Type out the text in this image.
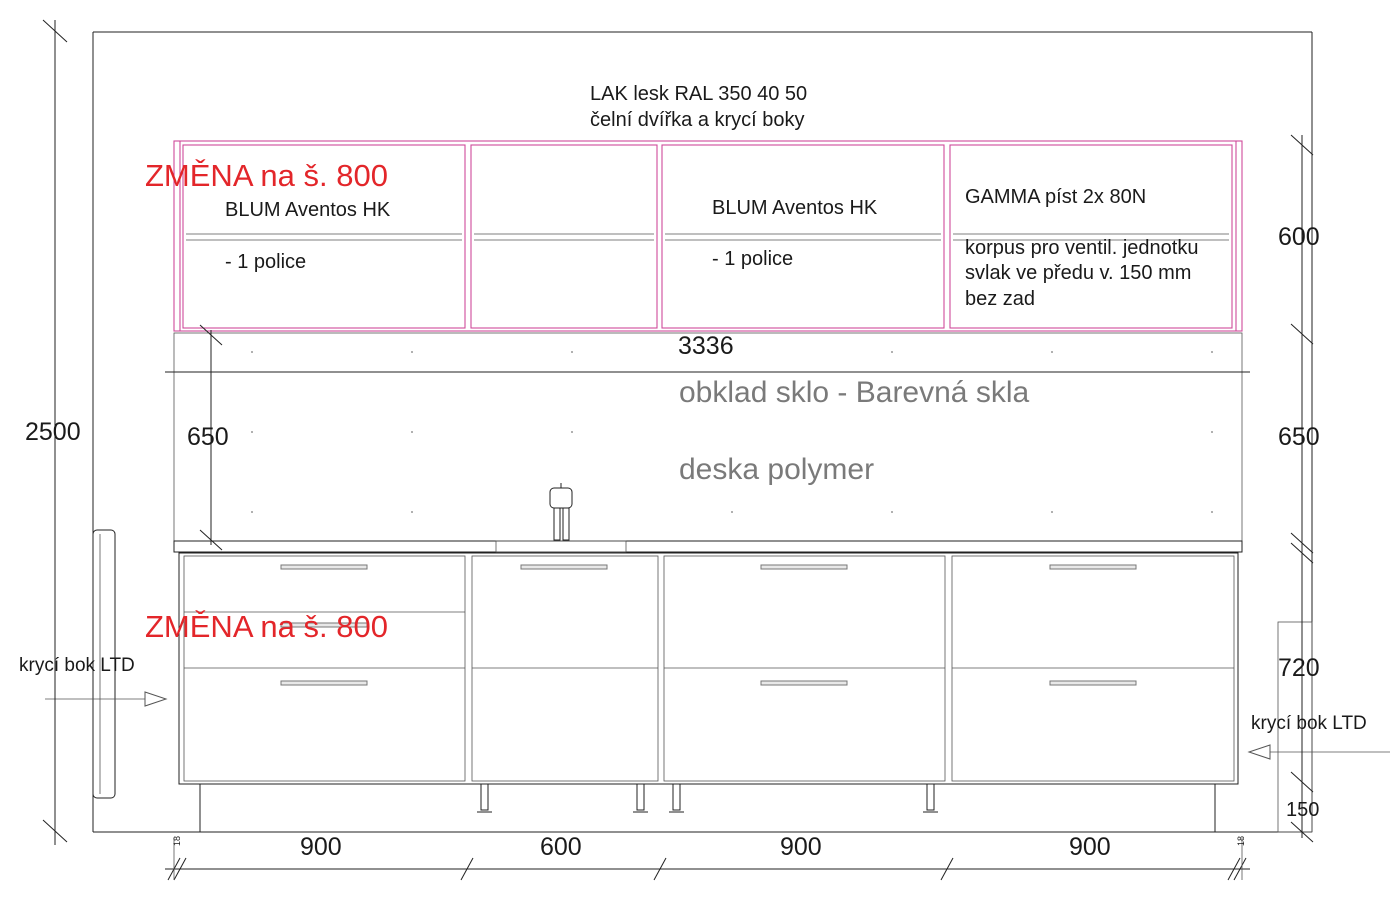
LAK lesk RAL 350 40 50
čelní dvířka a krycí boky
ZMĚNA na š. 800
ZMĚNA na š. 800
BLUM Aventos HK
- 1 police
BLUM Aventos HK
- 1 police
GAMMA píst 2x 80N
korpus pro ventil. jednotku
svlak ve předu v. 150 mm
bez zad
3336
obklad sklo - Barevná skla
deska polymer
2500	650
600
650
720
150
krycí bok LTD
krycí bok LTD
900	600	900	900
18	18
